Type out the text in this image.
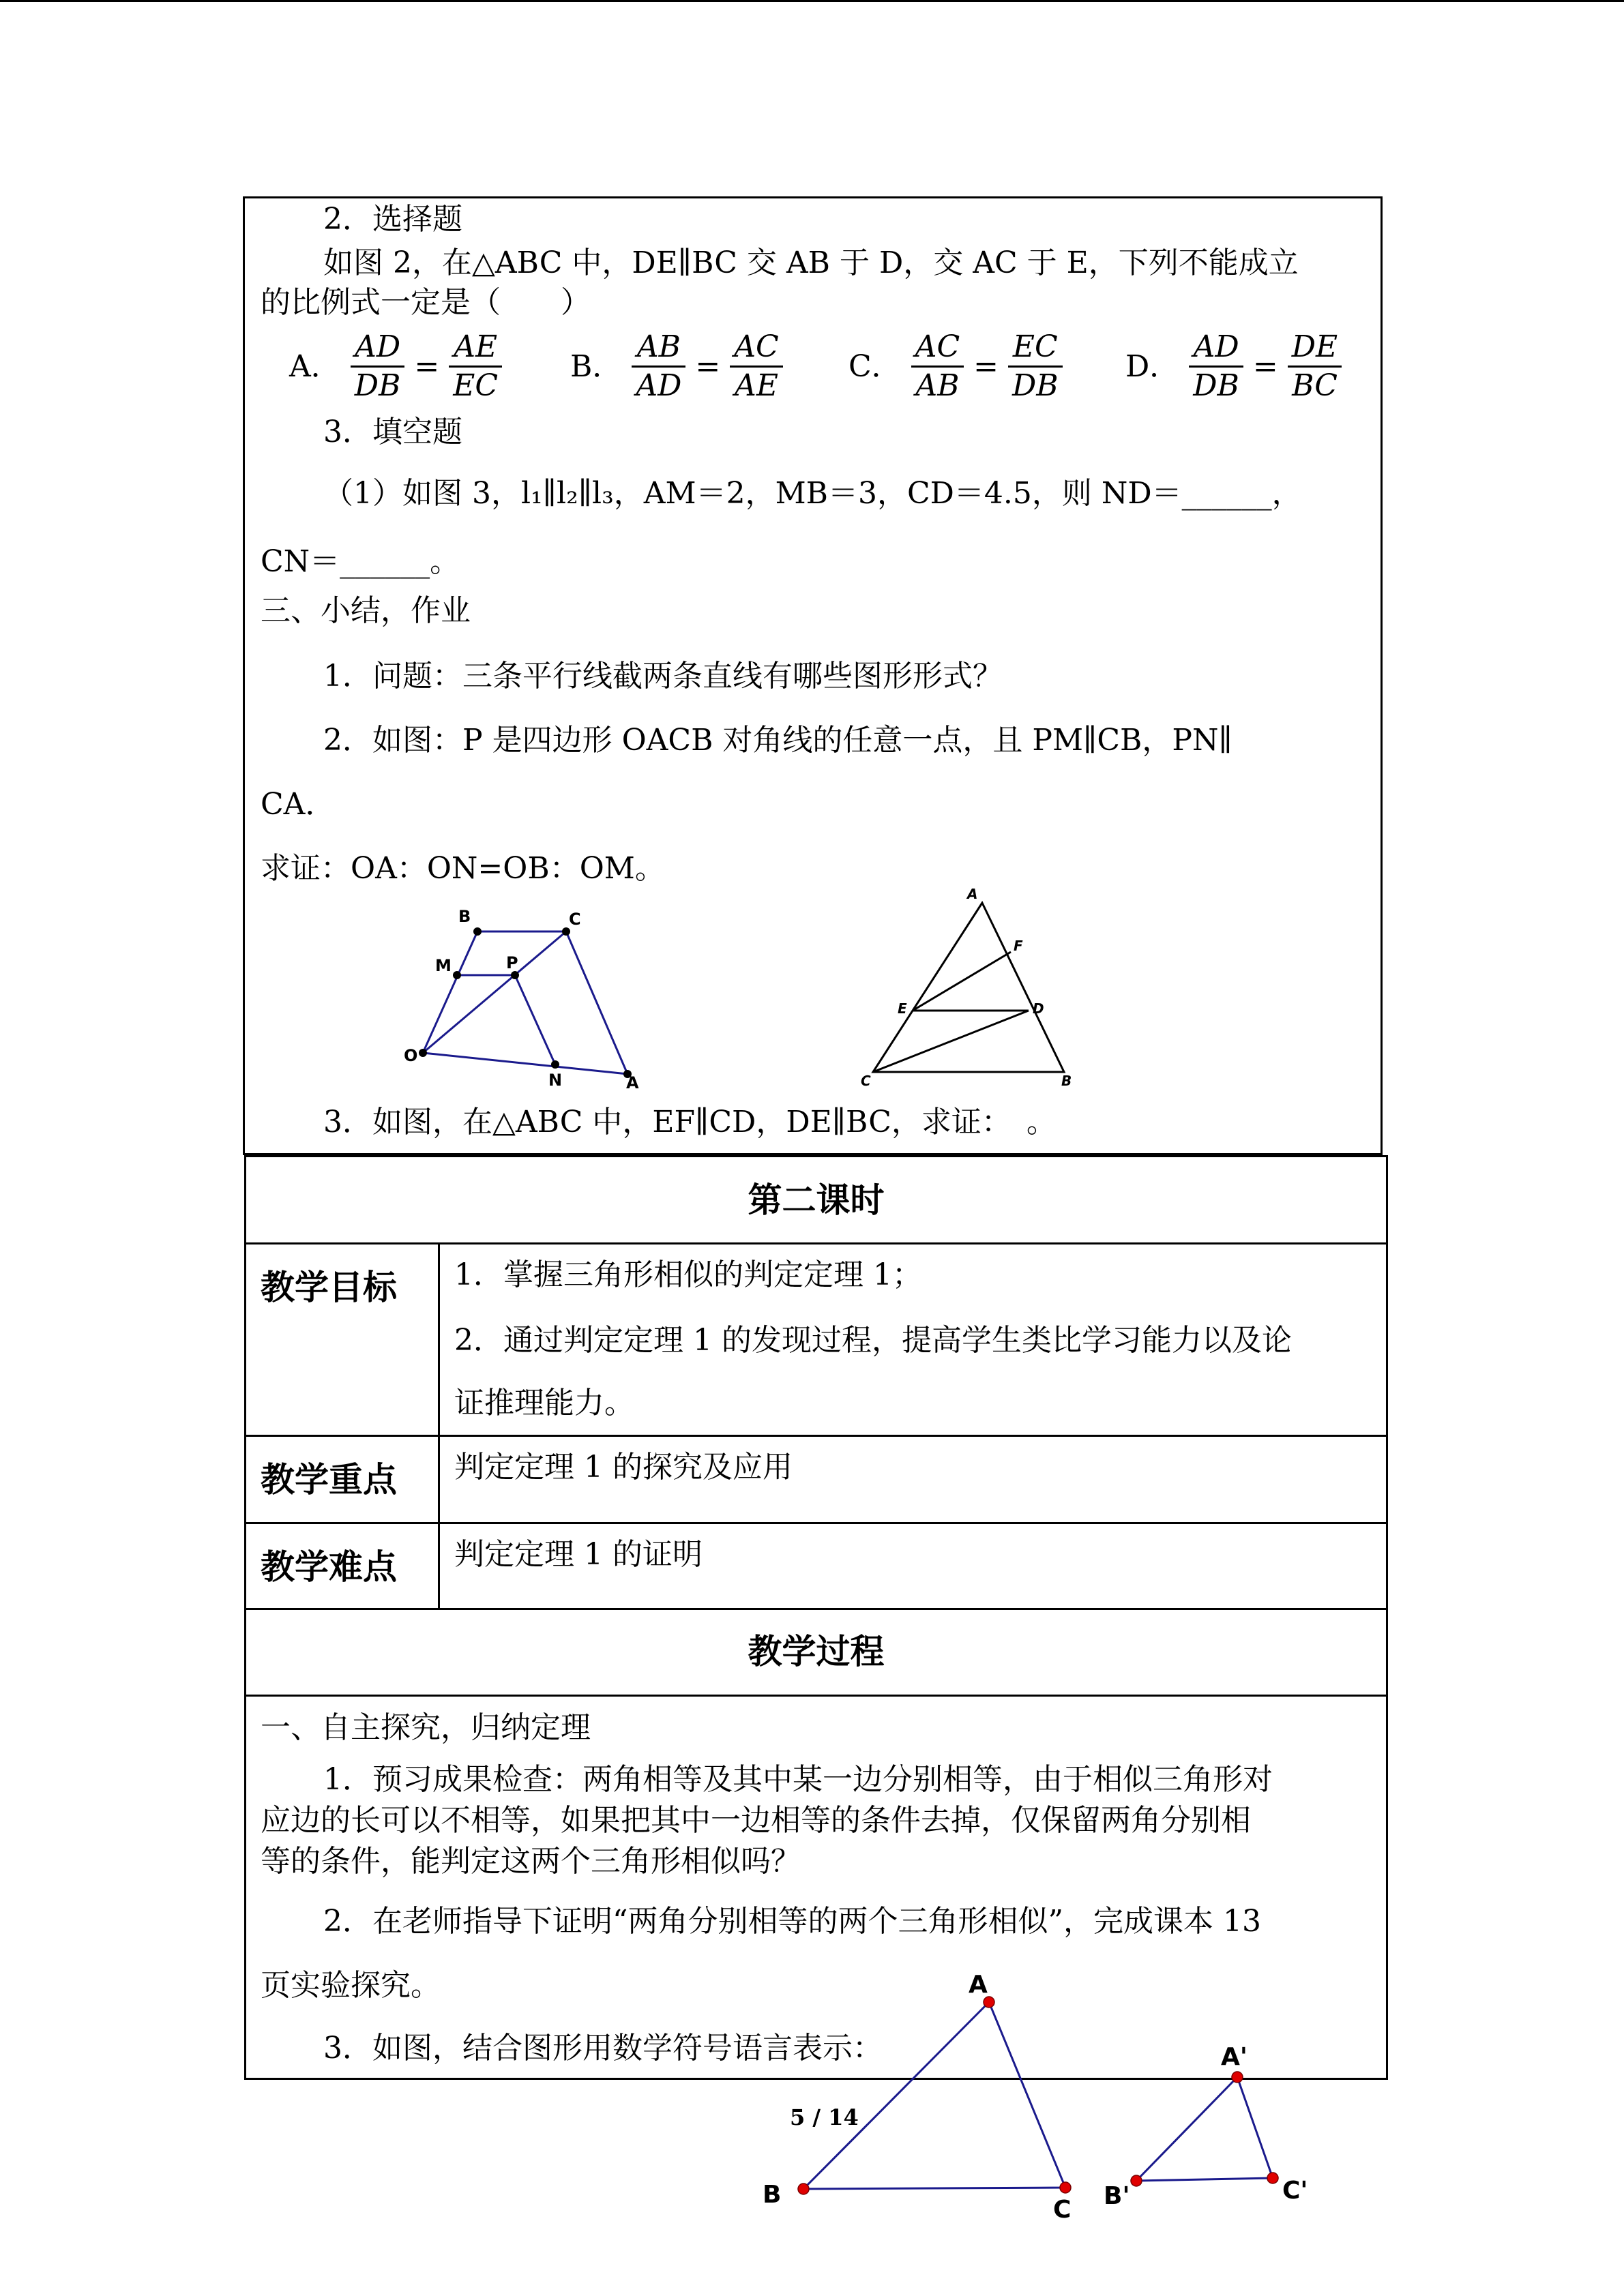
2．选择题
如图 2，在△ABC 中，DE∥BC 交 AB 于 D，交 AC 于 E，下列不能成立
的比例式一定是（　　）
A． $\frac{AD}{DB} = \frac{AE}{EC}$ B． $\frac{AB}{AD} = \frac{AC}{AE}$ C． $\frac{AC}{AB} = \frac{EC}{DB}$ D． $\frac{AD}{DB} = \frac{DE}{BC}$
3．填空题
（1）如图 3，l₁∥l₂∥l₃，AM＝2，MB＝3，CD＝4.5，则 ND＝______，
CN＝______。
三、小结，作业
1．问题：三条平行线截两条直线有哪些图形形式？
2．如图：P 是四边形 OACB 对角线的任意一点，且 PM∥CB，PN∥
CA．
求证：OA：ON=OB：OM。
B	C
M	P
O
N	A
A
F
E	D
C	B
3．如图，在△ABC 中，EF∥CD，DE∥BC，求证：　。
第二课时
教学目标 1．掌握三角形相似的判定定理 1；
2．通过判定定理 1 的发现过程，提高学生类比学习能力以及论
证推理能力。
教学重点 判定定理 1 的探究及应用
教学难点 判定定理 1 的证明
教学过程
一、自主探究，归纳定理
1．预习成果检查：两角相等及其中某一边分别相等，由于相似三角形对
应边的长可以不相等，如果把其中一边相等的条件去掉，仅保留两角分别相
等的条件，能判定这两个三角形相似吗？
2．在老师指导下证明“两角分别相等的两个三角形相似”，完成课本 13
页实验探究。
3．如图，结合图形用数学符号语言表示：
A
B
C
A'
B'	C'
5 / 14
